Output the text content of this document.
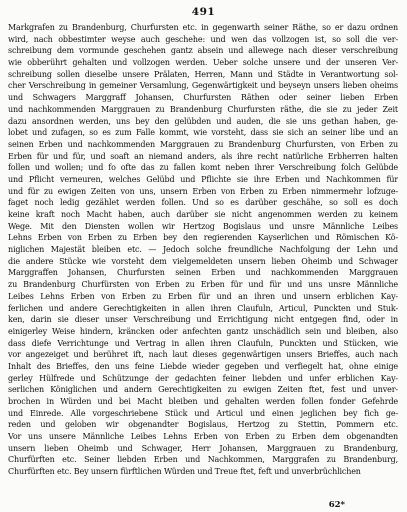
491
Markgrafen zu Brandenburg, Churfursten etc. in gegenwarth seiner Räthe, so er dazu ordnen
wird, nach obbestimter weyse auch geschehe: und wen das vollzogen ist, so soll die ver-
schreibung dem vormunde geschehen gantz absein und allewege nach dieser verschreibung
wie obberührt gehalten und vollzogen werden. Ueber solche unsere und der unseren Ver-
schreibung sollen dieselbe unsere Prälaten, Herren, Mann und Städte in Verantwortung sol-
cher Verschreibung in gemeiner Versamlung, Gegenwärtigkeit und beyseyn unsers lieben oheims
und Schwagers Marggraff Johansen, Churfursten Räthen oder seiner lieben Erben
und nachkommenden Marggrauen zu Brandenburg Churfursten räthe, die sie zu jeder Zeit
dazu ansordnen werden, uns bey den gelübden und auden, die sie uns gethan haben, ge-
lobet und zufagen, so es zum Falle kommt, wie vorsteht, dass sie sich an seiner libe und an
seinen Erben und nachkommenden Marggrauen zu Brandenburg Churfursten, von Erben zu
Erben für und für, und soaft an niemand anders, als ihre recht natürliche Erbherren halten
follen und wollen; und fo ofte das zu fallen komt neben ihrer Verschreibung folch Gelübde
und Pflicht verneuren, welches Gelübd und Pflichte sie ihre Erben und Nachkommen für
und für zu ewigen Zeiten von uns, unsern Erben von Erben zu Erben nimmermehr lofzuge-
faget noch ledig gezählet werden follen. Und so es darüber geschähe, so soll es doch
keine kraft noch Macht haben, auch darüber sie nicht angenommen werden zu keinem
Wege. Mit den Diensten wollen wir Hertzog Bogislaus und unsre Männliche Leibes
Lehns Erben von Erben zu Erben bey den regierenden Kayserlichen und Römischen Kö-
niglichen Majestät bleiben etc. — Jedoch solche freundliche Nachfolgung der Lehn und
die andere Stücke wie vorsteht dem vielgemeldeten unsern lieben Oheimb und Schwager
Marggraffen Johansen, Churfursten seinen Erben und nachkommenden Marggrauen
zu Brandenburg Churfürsten von Erben zu Erben für und für und uns unsre Männliche
Leibes Lehns Erben von Erben zu Erben für und an ihren und unsern erblichen Kay-
ferlichen und andere Gerechtigkeiten in allen ihren Claufuln, Articul, Punckten und Stuk-
ken, darin sie dieser unser Verschreibung und Errichtigung nicht entgegen find, oder in
einigerley Weise hindern, kräncken oder anfechten gantz unschädlich sein und bleiben, also
dass diefe Verrichtunge und Vertrag in allen ihren Claufuln, Punckten und Stücken, wie
vor angezeiget und berühret ift, nach laut dieses gegenwärtigen unsers Brieffes, auch nach
Inhalt des Brieffes, den uns feine Liebde wieder gegeben und verfiegelt hat, ohne einige
gerley Hülfrede und Schützunge der gedachten feiner liebden und unfer erblichen Kay-
serlichen Königlichen und andern Gerechtigkeiten zu ewigen Zeiten ftet, fest und unver-
brochen in Würden und bei Macht bleiben und gehalten werden follen fonder Gefehrde
und Einrede. Alle vorgeschriebene Stück und Articul und einen jeglichen bey fich ge-
reden und geloben wir obgenandter Bogislaus, Hertzog zu Stettin, Pommern etc.
Vor uns unsere Männliche Leibes Lehns Erben von Erben zu Erben dem obgenandten
unsern lieben Oheimb und Schwager, Herr Johansen, Marggrauen zu Brandenburg,
Churfürften etc. Seiner liebden Erben und Nachkommen, Marggrafen zu Brandenburg,
Churfürften etc. Bey unsern fürftlichen Würden und Treue ftet, feft und unverbrüchlichen
62*
